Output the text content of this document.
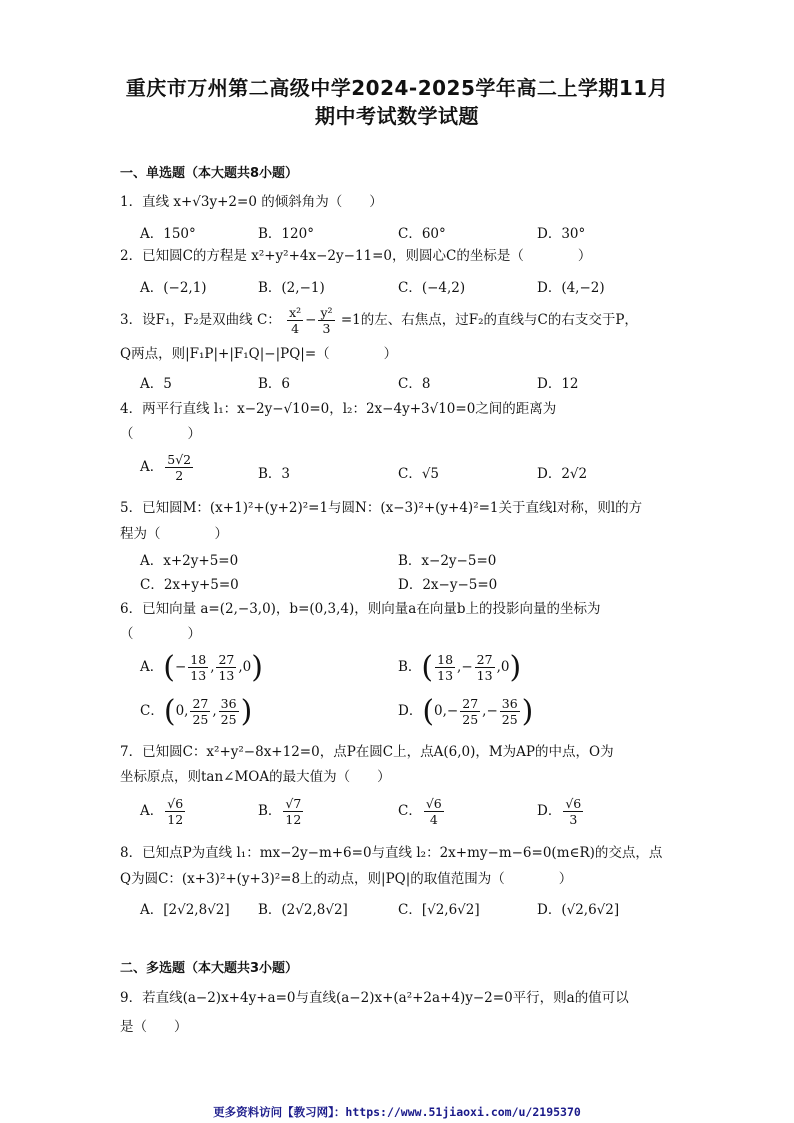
重庆市万州第二高级中学2024-2025学年高二上学期11月
期中考试数学试题
一、单选题（本大题共8小题）
1．直线 x+√3y+2=0 的倾斜角为（　　）
A．150°	B．120°	C．60°	D．30°
2．已知圆C的方程是 x²+y²+4x−2y−11=0，则圆心C的坐标是（　　　　）
A．(−2,1)	B．(2,−1)	C．(−4,2)	D．(4,−2)
3．设F₁，F₂是双曲线 C： $\frac{\text{x²}}{4} - \frac{\text{y²}}{3} =1$的左、右焦点，过F₂的直线与C的右支交于P，
Q两点，则|F₁P|+|F₁Q|−|PQ|=（　　　　）
A．5	B．6	C．8	D．12
4．两平行直线 l₁：x−2y−√10=0，l₂：2x−4y+3√10=0之间的距离为
（　　　　）
A． $\frac{5√2}{2}$	B．3	C．√5	D．2√2
5．已知圆M：(x+1)²+(y+2)²=1与圆N：(x−3)²+(y+4)²=1关于直线l对称，则l的方
程为（　　　　）
A．x+2y+5=0	B．x−2y−5=0
C．2x+y+5=0	D．2x−y−5=0
6．已知向量 a=(2,−3,0)，b=(0,3,4)，则向量a在向量b上的投影向量的坐标为
（　　　　）
A．(− $\frac{18}{13}$ , $\frac{27}{13} ,0$)	B．( $\frac{18}{13}$ ,− $\frac{27}{13} ,0$)
C．(0, $\frac{27}{25}$ , $\frac{36}{25}$ )	D．($0,- \frac{27}{25}$ ,− $\frac{36}{25}$ )
7．已知圆C：x²+y²−8x+12=0，点P在圆C上，点A(6,0)，M为AP的中点，O为
坐标原点，则tan∠MOA的最大值为（　　）
A． $\frac{√6}{12}$	B． $\frac{√7}{12}$	C． $\frac{√6}{4}$	D． $\frac{√6}{3}$
8．已知点P为直线 l₁：mx−2y−m+6=0与直线 l₂：2x+my−m−6=0(m∈R)的交点，点
Q为圆C：(x+3)²+(y+3)²=8上的动点，则|PQ|的取值范围为（　　　　）
A．[2√2,8√2] B．(2√2,8√2]	C．[√2,6√2]	D．(√2,6√2]
二、多选题（本大题共3小题）
9．若直线(a−2)x+4y+a=0与直线(a−2)x+(a²+2a+4)y−2=0平行，则a的值可以
是（　　）
更多资料访问【教习网】：https://www.51jiaoxi.com/u/2195370
